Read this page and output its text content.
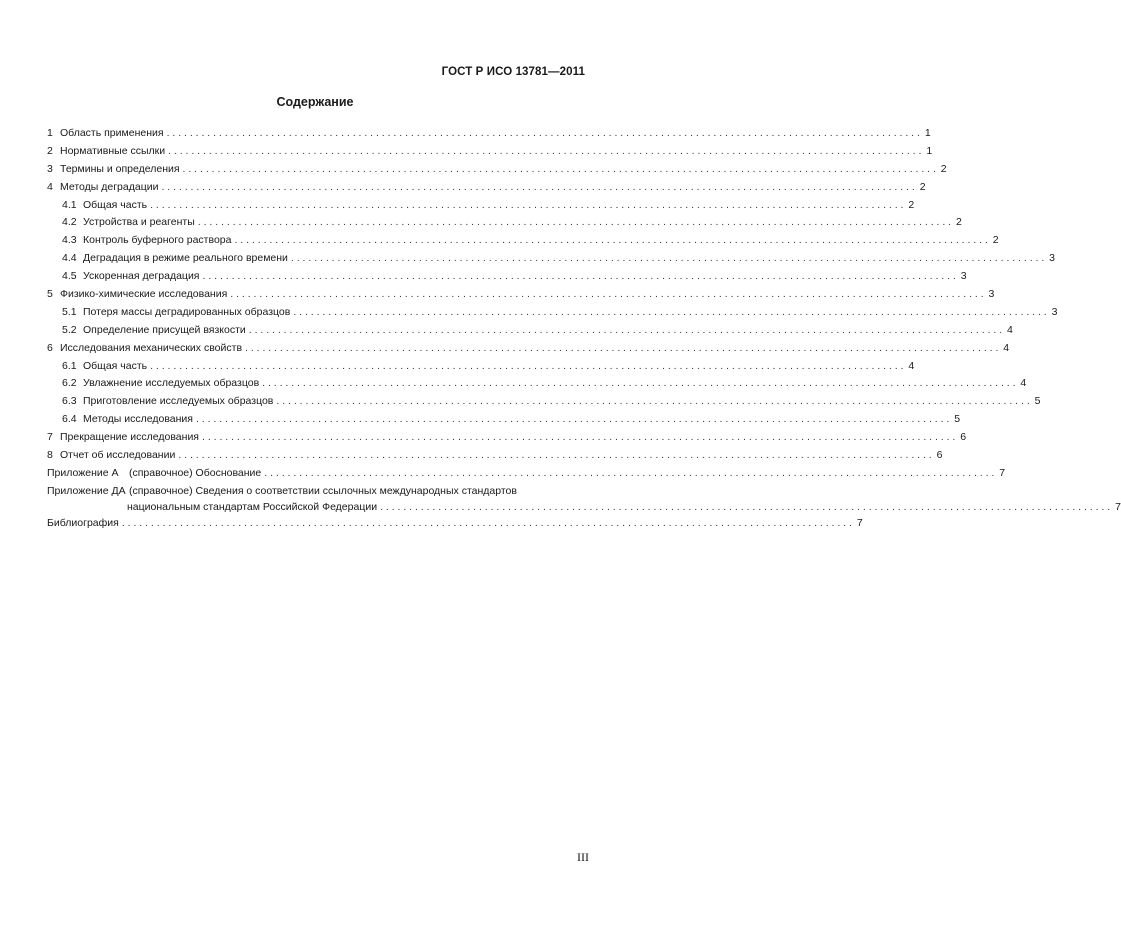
ГОСТ Р ИСО 13781—2011
Содержание
1 Область применения .................................................................................................................................. 1
2 Нормативные ссылки .................................................................................................................................. 1
3 Термины и определения .................................................................................................................................. 2
4 Методы деградации .................................................................................................................................. 2
4.1 Общая часть .................................................................................................................................. 2
4.2 Устройства и реагенты .................................................................................................................................. 2
4.3 Контроль буферного раствора .................................................................................................................................. 2
4.4 Деградация в режиме реального времени .................................................................................................................................. 3
4.5 Ускоренная деградация .................................................................................................................................. 3
5 Физико-химические исследования .................................................................................................................................. 3
5.1 Потеря массы деградированных образцов .................................................................................................................................. 3
5.2 Определение присущей вязкости .................................................................................................................................. 4
6 Исследования механических свойств .................................................................................................................................. 4
6.1 Общая часть .................................................................................................................................. 4
6.2 Увлажнение исследуемых образцов .................................................................................................................................. 4
6.3 Приготовление исследуемых образцов .................................................................................................................................. 5
6.4 Методы исследования .................................................................................................................................. 5
7 Прекращение исследования .................................................................................................................................. 6
8 Отчет об исследовании .................................................................................................................................. 6
Приложение А (справочное) Обоснование .............................................................................................................................. 7
Приложение ДА (справочное) Сведения о соответствии ссылочных международных стандартов
национальным стандартам Российской Федерации .............................................................................................................................. 7
Библиография .............................................................................................................................. 7
III
